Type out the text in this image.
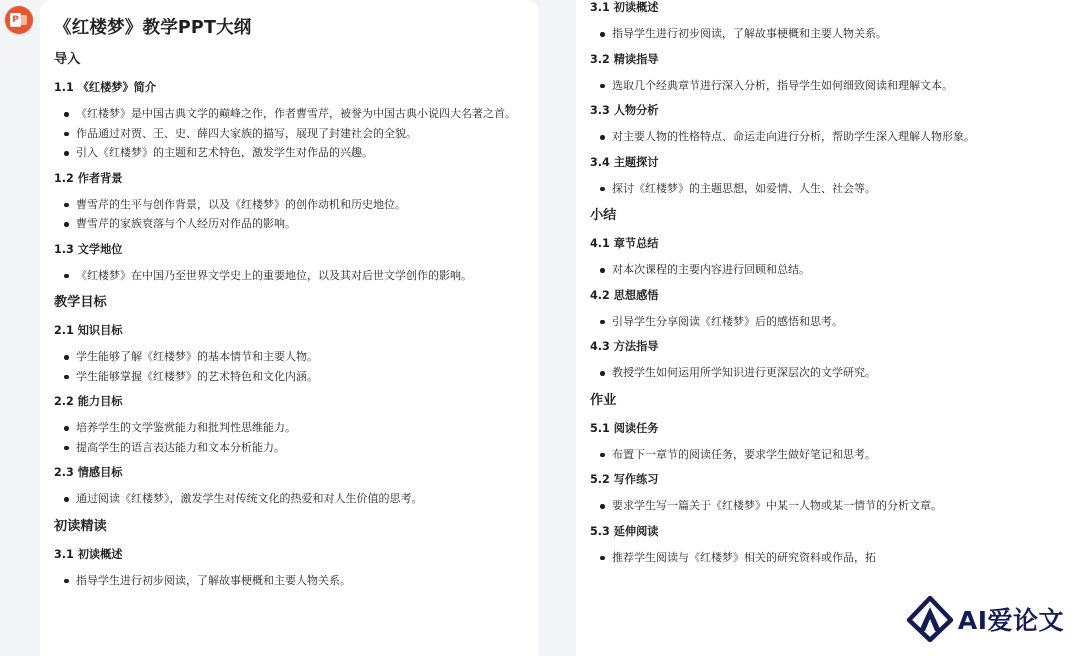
P 《红楼梦》教学PPT大纲
导入
1.1 《红楼梦》简介
《红楼梦》是中国古典文学的巅峰之作，作者曹雪芹，被誉为中国古典小说四大名著之首。
作品通过对贾、王、史、薛四大家族的描写，展现了封建社会的全貌。
引入《红楼梦》的主题和艺术特色，激发学生对作品的兴趣。
1.2 作者背景
曹雪芹的生平与创作背景，以及《红楼梦》的创作动机和历史地位。
曹雪芹的家族衰落与个人经历对作品的影响。
1.3 文学地位
《红楼梦》在中国乃至世界文学史上的重要地位，以及其对后世文学创作的影响。
教学目标
2.1 知识目标
学生能够了解《红楼梦》的基本情节和主要人物。
学生能够掌握《红楼梦》的艺术特色和文化内涵。
2.2 能力目标
培养学生的文学鉴赏能力和批判性思维能力。
提高学生的语言表达能力和文本分析能力。
2.3 情感目标
通过阅读《红楼梦》，激发学生对传统文化的热爱和对人生价值的思考。
初读精读
3.1 初读概述
指导学生进行初步阅读，了解故事梗概和主要人物关系。
3.1 初读概述
指导学生进行初步阅读，了解故事梗概和主要人物关系。
3.2 精读指导
选取几个经典章节进行深入分析，指导学生如何细致阅读和理解文本。
3.3 人物分析
对主要人物的性格特点、命运走向进行分析，帮助学生深入理解人物形象。
3.4 主题探讨
探讨《红楼梦》的主题思想，如爱情、人生、社会等。
小结
4.1 章节总结
对本次课程的主要内容进行回顾和总结。
4.2 思想感悟
引导学生分享阅读《红楼梦》后的感悟和思考。
4.3 方法指导
教授学生如何运用所学知识进行更深层次的文学研究。
作业
5.1 阅读任务
布置下一章节的阅读任务，要求学生做好笔记和思考。
5.2 写作练习
要求学生写一篇关于《红楼梦》中某一人物或某一情节的分析文章。
5.3 延伸阅读
推荐学生阅读与《红楼梦》相关的研究资料或作品，拓
AI爱论文
